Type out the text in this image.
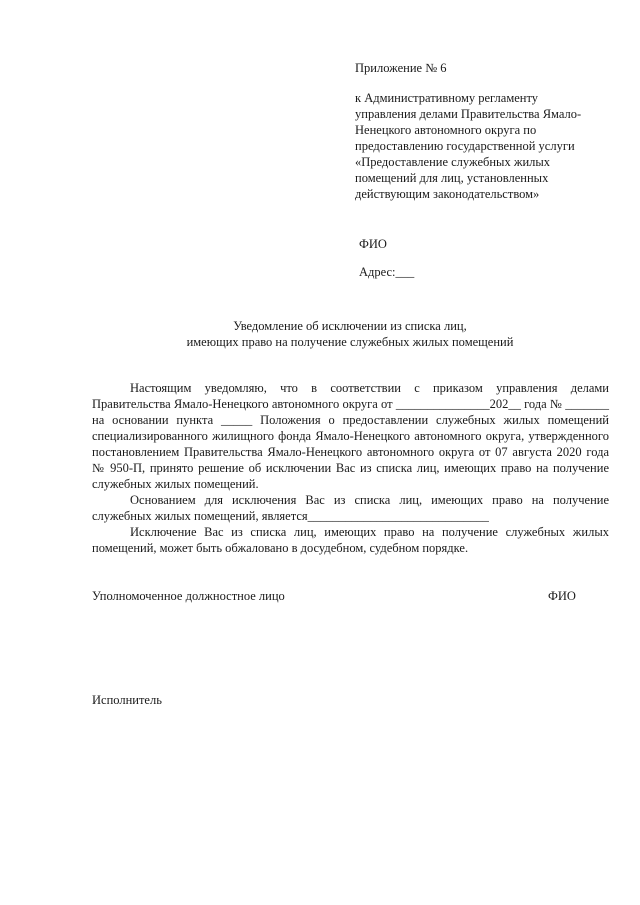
Приложение № 6
к Административному регламенту
управления делами Правительства Ямало-
Ненецкого автономного округа по
предоставлению государственной услуги
«Предоставление служебных жилых
помещений для лиц, установленных
действующим законодательством»
ФИО
Адрес:___
Уведомление об исключении из списка лиц,
имеющих право на получение служебных жилых помещений

Настоящим уведомляю, что в соответствии с приказом управления делами Правительства Ямало-Ненецкого автономного округа от _______________202__ года № _______ на основании пункта _____ Положения о предоставлении служебных жилых помещений специализированного жилищного фонда Ямало-Ненецкого автономного округа, утвержденного постановлением Правительства Ямало-Ненецкого автономного округа от 07 августа 2020 года № 950-П, принято решение об исключении Вас из списка лиц, имеющих право на получение служебных жилых помещений.

Основанием для исключения Вас из списка лиц, имеющих право на получение служебных жилых помещений, является_____________________________

Исключение Вас из списка лиц, имеющих право на получение служебных жилых помещений, может быть обжаловано в досудебном, судебном порядке.

Уполномоченное должностное лицо	ФИО
Исполнитель
